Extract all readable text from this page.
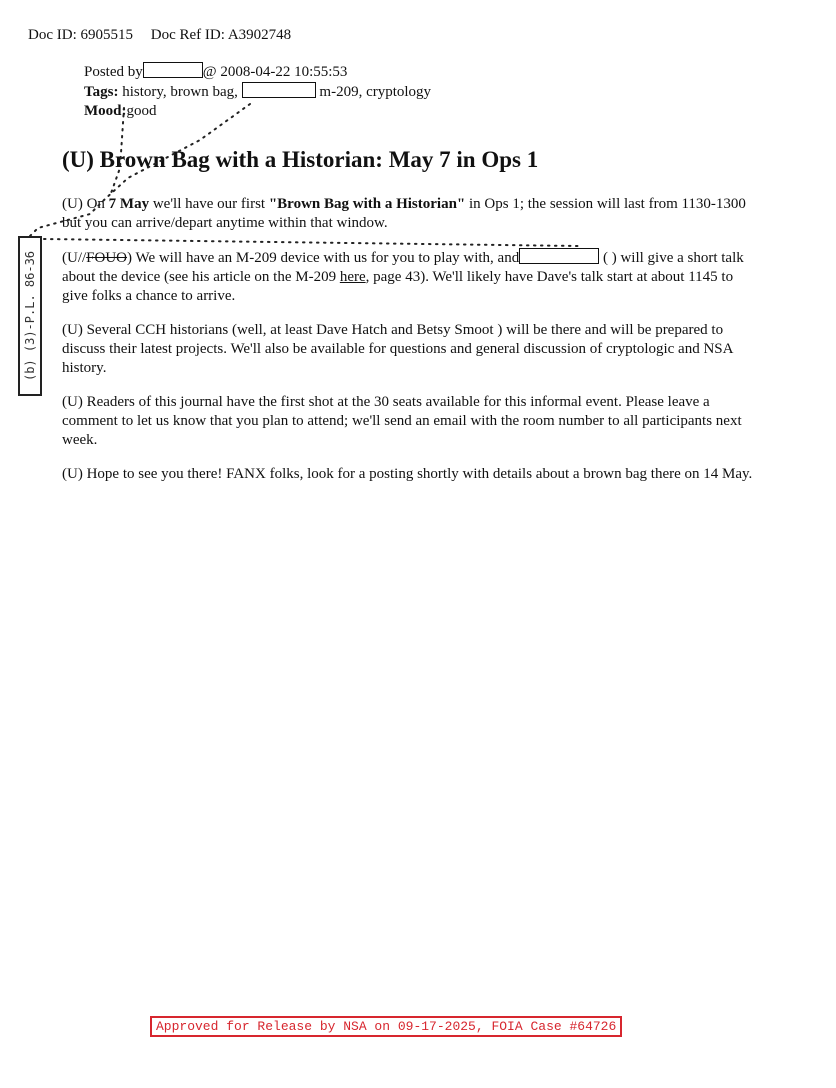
Doc ID: 6905515 Doc Ref ID: A3902748
Posted by	@ 2008-04-22 10:55:53
Tags: history, brown bag,	m-209, cryptology
Mood:good
(U) Brown Bag with a Historian: May 7 in Ops 1

(U) On 7 May we'll have our first "Brown Bag with a Historian" in Ops 1; the session will last from 1130-1300 but you can arrive/depart anytime within that window.

(U//FOUO) We will have an M-209 device with us for you to play with, and	( ) will give a short talk about the device (see his article on the M-209 here, page 43). We'll likely have Dave's talk start at about 1145 to give folks a chance to arrive.

(U) Several CCH historians (well, at least Dave Hatch and Betsy Smoot ) will be there and will be prepared to discuss their latest projects. We'll also be available for questions and general discussion of cryptologic and NSA history.

(U) Readers of this journal have the first shot at the 30 seats available for this informal event. Please leave a comment to let us know that you plan to attend; we'll send an email with the room number to all participants next week.

(U) Hope to see you there! FANX folks, look for a posting shortly with details about a brown bag there on 14 May.

(b) (3)-P.L. 86-36
Approved for Release by NSA on 09-17-2025, FOIA Case #64726
